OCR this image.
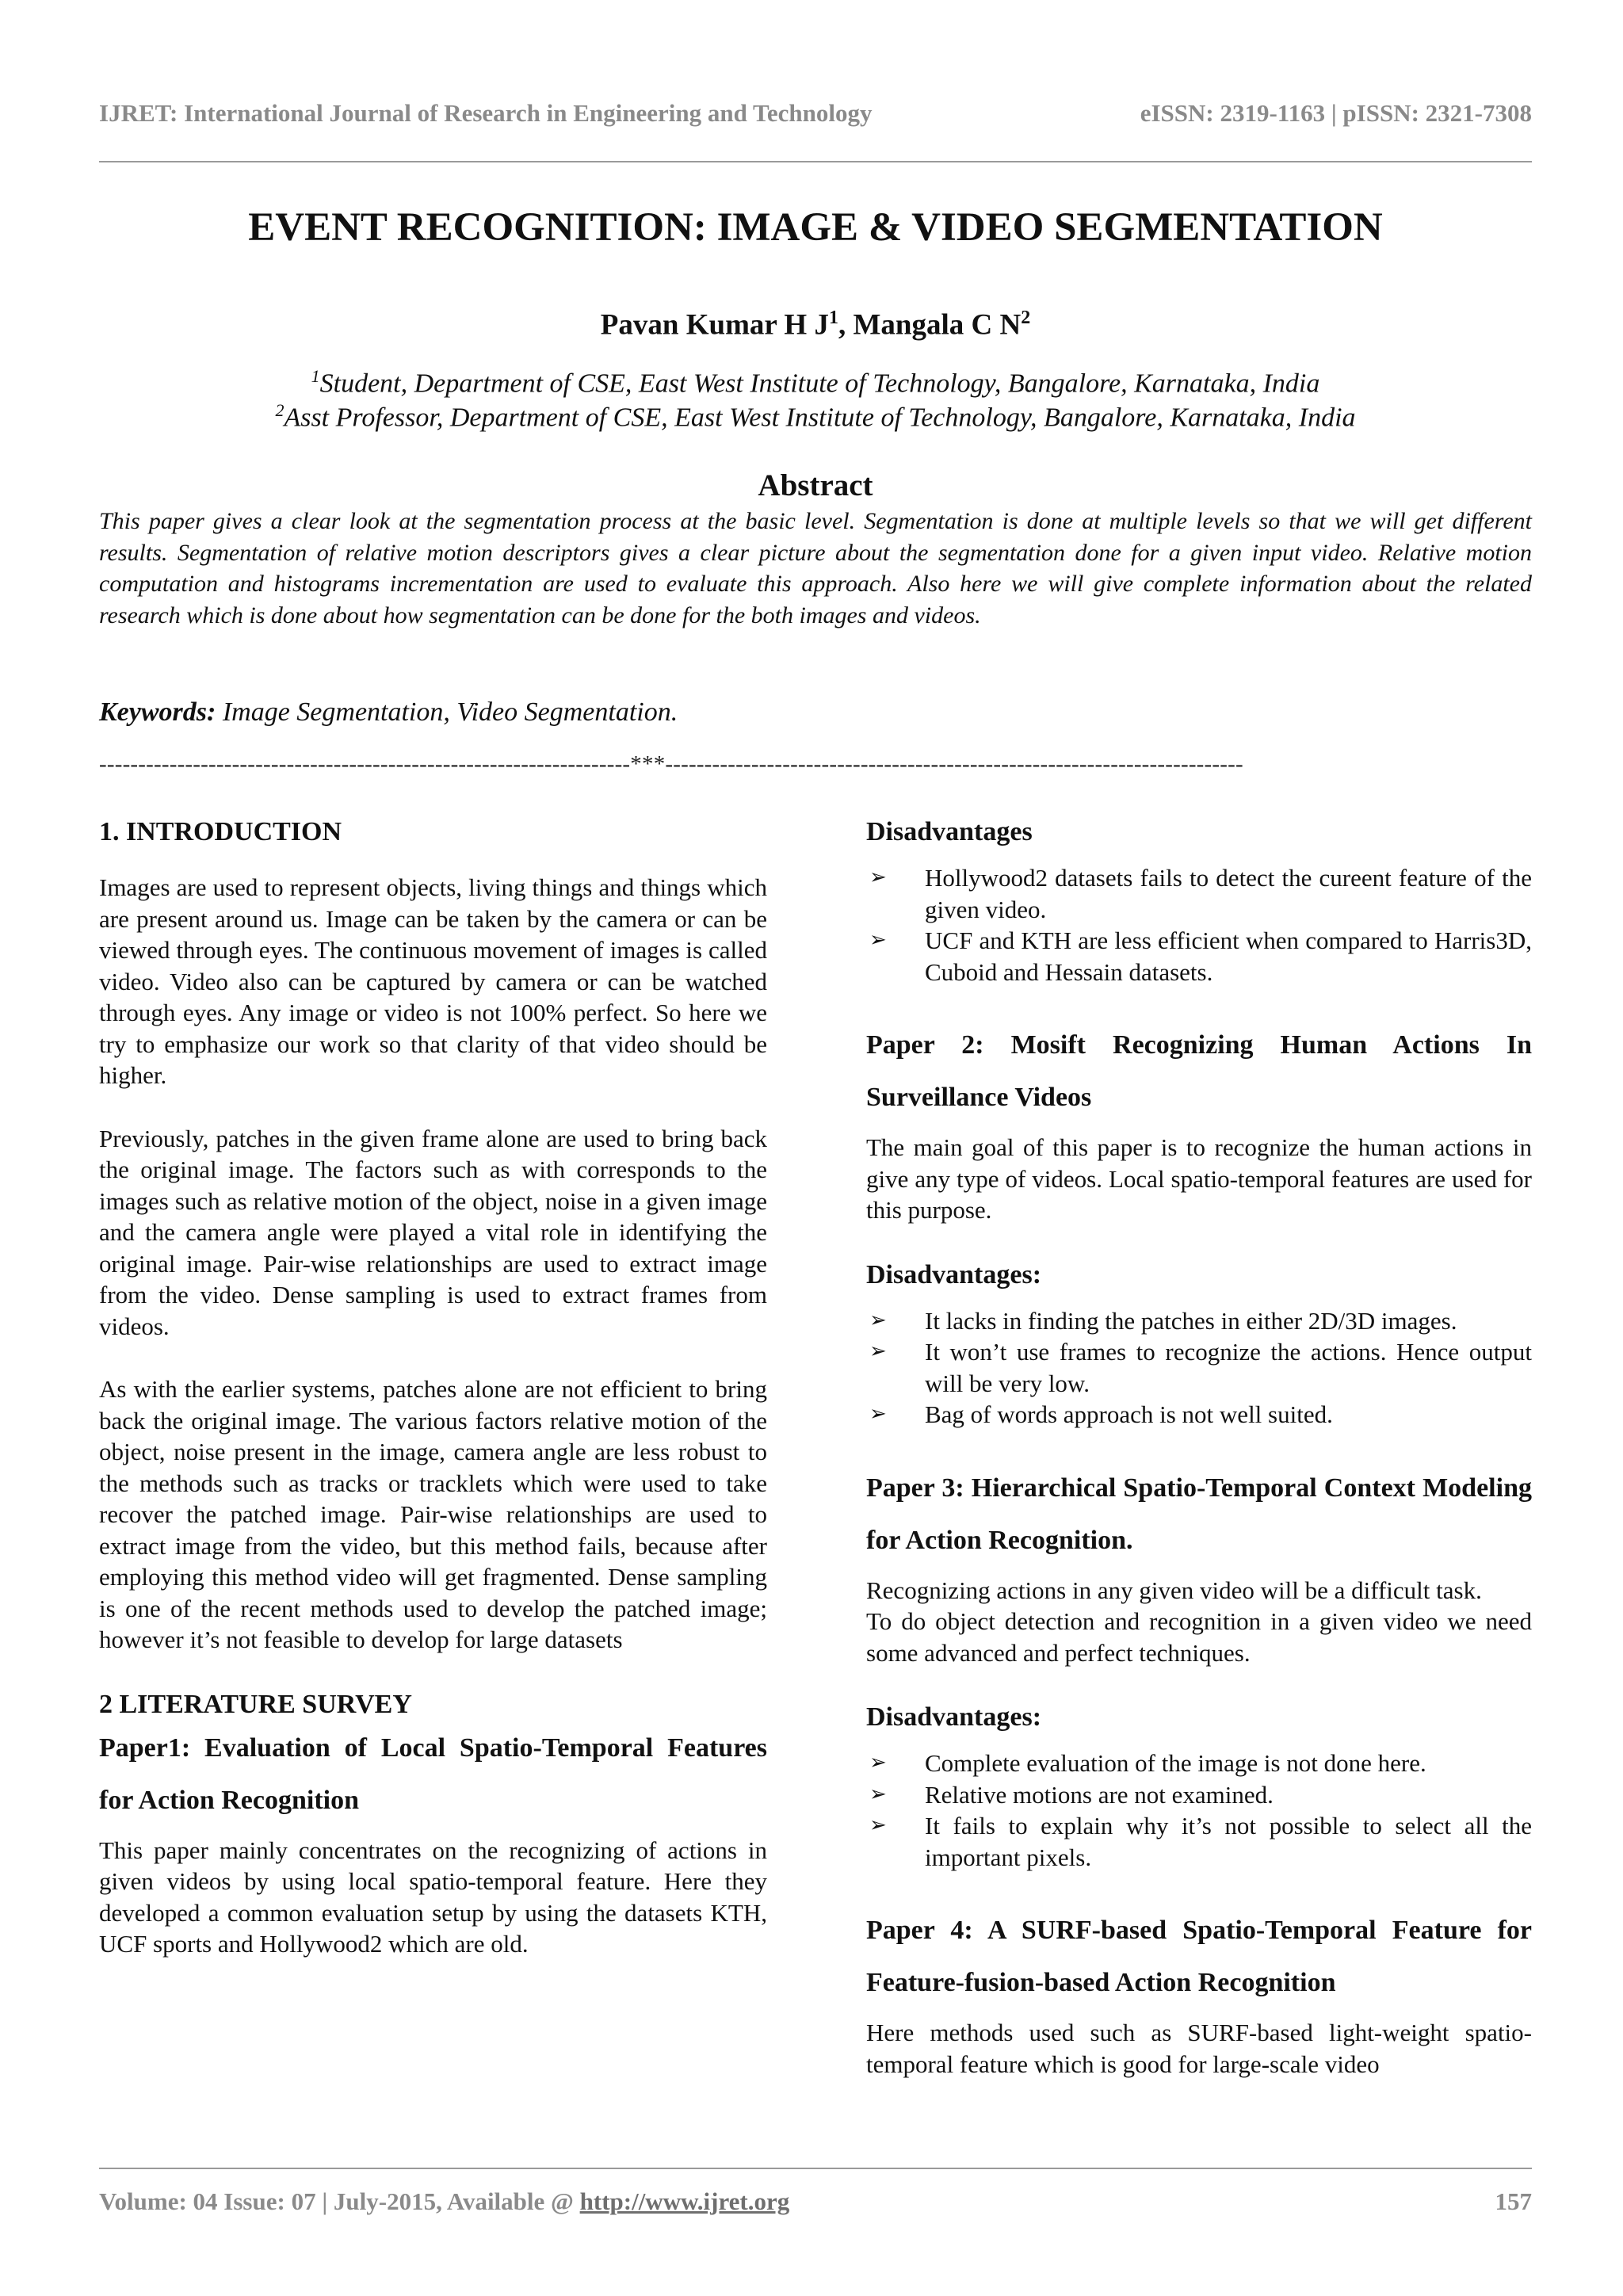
IJRET: International Journal of Research in Engineering and Technology	eISSN: 2319-1163 | pISSN: 2321-7308
EVENT RECOGNITION: IMAGE & VIDEO SEGMENTATION
Pavan Kumar H $J^1$, Mangala C $N^2$
$^1$Student, Department of CSE, East West Institute of Technology, Bangalore, Karnataka, India
$^2$Asst Professor, Department of CSE, East West Institute of Technology, Bangalore, Karnataka, India
Abstract
This paper gives a clear look at the segmentation process at the basic level. Segmentation is done at multiple levels so that we will get different results. Segmentation of relative motion descriptors gives a clear picture about the segmentation done for a given input video. Relative motion computation and histograms incrementation are used to evaluate this approach. Also here we will give complete information about the related research which is done about how segmentation can be done for the both images and videos.
Keywords: Image Segmentation, Video Segmentation.
--------------------------------------------------------------------***--------------------------------------------------------------------------
1. INTRODUCTION

Images are used to represent objects, living things and things which are present around us. Image can be taken by the camera or can be viewed through eyes. The continuous movement of images is called video. Video also can be captured by camera or can be watched through eyes. Any image or video is not 100% perfect. So here we try to emphasize our work so that clarity of that video should be higher.

Previously, patches in the given frame alone are used to bring back the original image. The factors such as with corresponds to the images such as relative motion of the object, noise in a given image and the camera angle were played a vital role in identifying the original image. Pair-wise relationships are used to extract image from the video. Dense sampling is used to extract frames from videos.

As with the earlier systems, patches alone are not efficient to bring back the original image. The various factors relative motion of the object, noise present in the image, camera angle are less robust to the methods such as tracks or tracklets which were used to take recover the patched image. Pair-wise relationships are used to extract image from the video, but this method fails, because after employing this method video will get fragmented. Dense sampling is one of the recent methods used to develop the patched image; however it’s not feasible to develop for large datasets

2 LITERATURE SURVEY
Paper1: Evaluation of Local Spatio-Temporal Features for Action Recognition

This paper mainly concentrates on the recognizing of actions in given videos by using local spatio-temporal feature. Here they developed a common evaluation setup by using the datasets KTH, UCF sports and Hollywood2 which are old.

Disadvantages
➢ Hollywood2 datasets fails to detect the cureent feature of the given video.
➢ UCF and KTH are less efficient when compared to Harris3D, Cuboid and Hessain datasets.
Paper 2: Mosift Recognizing Human Actions In Surveillance Videos

The main goal of this paper is to recognize the human actions in give any type of videos. Local spatio-temporal features are used for this purpose.

Disadvantages:
➢ It lacks in finding the patches in either 2D/3D images.
➢ It won’t use frames to recognize the actions. Hence output will be very low.
➢ Bag of words approach is not well suited.
Paper 3: Hierarchical Spatio-Temporal Context Modeling for Action Recognition.

Recognizing actions in any given video will be a difficult task.

To do object detection and recognition in a given video we need some advanced and perfect techniques.

Disadvantages:
➢ Complete evaluation of the image is not done here.
➢ Relative motions are not examined.
➢ It fails to explain why it’s not possible to select all the important pixels.
Paper 4: A SURF-based Spatio-Temporal Feature for Feature-fusion-based Action Recognition

Here methods used such as SURF-based light-weight spatio-temporal feature which is good for large-scale video

Volume: 04 Issue: 07 | July-2015, Available @ http://www.ijret.org	157
